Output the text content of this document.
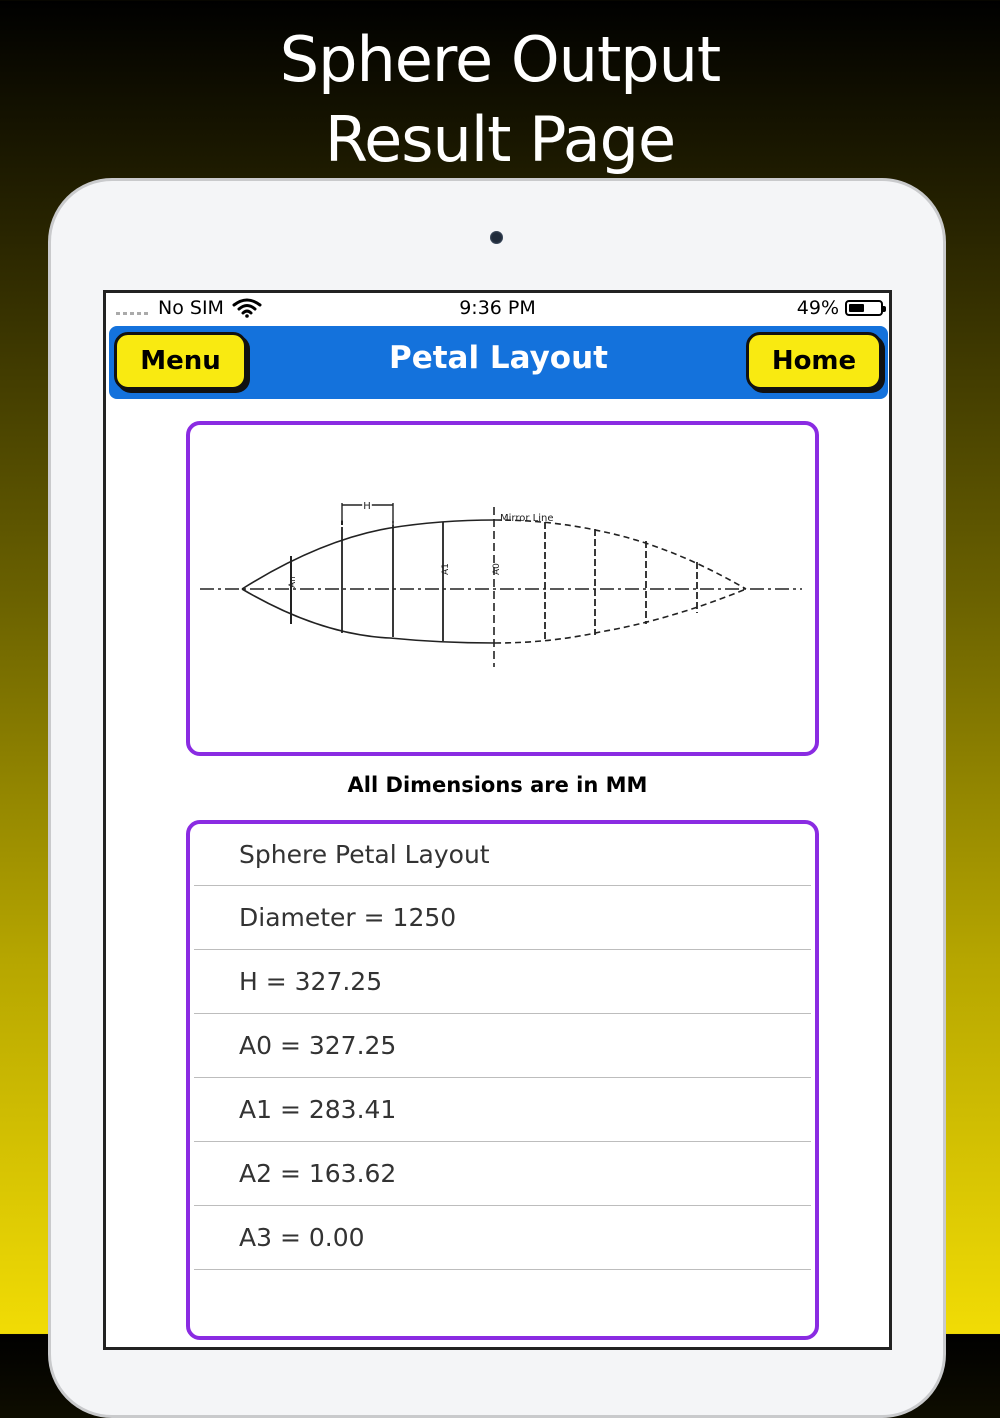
Sphere Output
Result Page
No SIM	9:36 PM	49%
Menu	Petal Layout	Home
H
Mirror Line
An
A1	A0
All Dimensions are in MM
Sphere Petal Layout
Diameter = 1250
H = 327.25
A0 = 327.25
A1 = 283.41
A2 = 163.62
A3 = 0.00
